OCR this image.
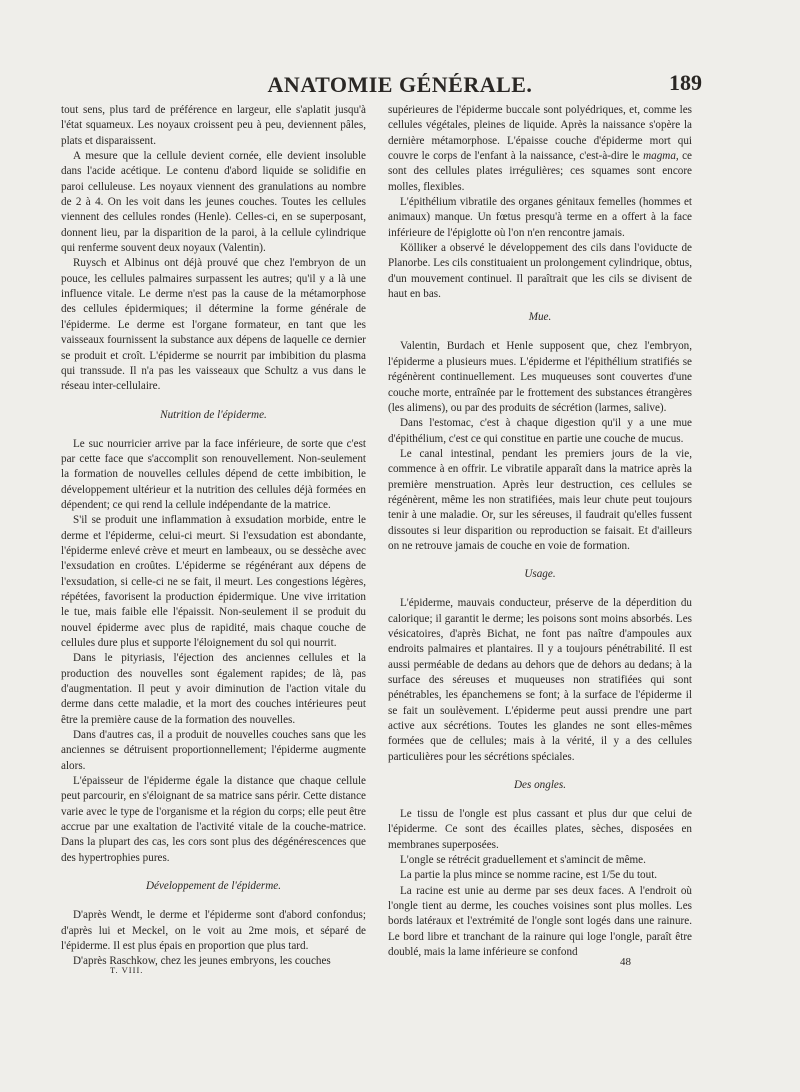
ANATOMIE GÉNÉRALE.	189

tout sens, plus tard de préférence en largeur, elle s'aplatit jusqu'à l'état squameux. Les noyaux croissent peu à peu, deviennent pâles, plats et disparaissent.

A mesure que la cellule devient cornée, elle devient insoluble dans l'acide acétique. Le contenu d'abord liquide se solidifie en paroi celluleuse. Les noyaux viennent des granulations au nombre de 2 à 4. On les voit dans les jeunes couches. Toutes les cellules viennent des cellules rondes (Henle). Celles-ci, en se superposant, donnent lieu, par la disparition de la paroi, à la cellule cylindrique qui renferme souvent deux noyaux (Valentin).

Ruysch et Albinus ont déjà prouvé que chez l'embryon de un pouce, les cellules palmaires surpassent les autres; qu'il y a là une influence vitale. Le derme n'est pas la cause de la métamorphose des cellules épidermiques; il détermine la forme générale de l'épiderme. Le derme est l'organe formateur, en tant que les vaisseaux fournissent la substance aux dépens de laquelle ce dernier se produit et croît. L'épiderme se nourrit par imbibition du plasma qui transsude. Il n'a pas les vaisseaux que Schultz a vus dans le réseau inter-cellulaire.

Nutrition de l'épiderme.

Le suc nourricier arrive par la face inférieure, de sorte que c'est par cette face que s'accomplit son renouvellement. Non-seulement la formation de nouvelles cellules dépend de cette imbibition, le développement ultérieur et la nutrition des cellules déjà formées en dépendent; ce qui rend la cellule indépendante de la matrice.

S'il se produit une inflammation à exsudation morbide, entre le derme et l'épiderme, celui-ci meurt. Si l'exsudation est abondante, l'épiderme enlevé crève et meurt en lambeaux, ou se dessèche avec l'exsudation en croûtes. L'épiderme se régénérant aux dépens de l'exsudation, si celle-ci ne se fait, il meurt. Les congestions légères, répétées, favorisent la production épidermique. Une vive irritation le tue, mais faible elle l'épaissit. Non-seulement il se produit du nouvel épiderme avec plus de rapidité, mais chaque couche de cellules dure plus et supporte l'éloignement du sol qui nourrit.

Dans le pityriasis, l'éjection des anciennes cellules et la production des nouvelles sont également rapides; de là, pas d'augmentation. Il peut y avoir diminution de l'action vitale du derme dans cette maladie, et la mort des couches intérieures peut être la première cause de la formation des nouvelles.

Dans d'autres cas, il a produit de nouvelles couches sans que les anciennes se détruisent proportionnellement; l'épiderme augmente alors.

L'épaisseur de l'épiderme égale la distance que chaque cellule peut parcourir, en s'éloignant de sa matrice sans périr. Cette distance varie avec le type de l'organisme et la région du corps; elle peut être accrue par une exaltation de l'activité vitale de la couche-matrice. Dans la plupart des cas, les cors sont plus des dégénérescences que des hypertrophies pures.

Développement de l'épiderme.

D'après Wendt, le derme et l'épiderme sont d'abord confondus; d'après lui et Meckel, on le voit au 2me mois, et séparé de l'épiderme. Il est plus épais en proportion que plus tard.

D'après Raschkow, chez les jeunes embryons, les couches

supérieures de l'épiderme buccale sont polyédriques, et, comme les cellules végétales, pleines de liquide. Après la naissance s'opère la dernière métamorphose. L'épaisse couche d'épiderme mort qui couvre le corps de l'enfant à la naissance, c'est-à-dire le magma, ce sont des cellules plates irrégulières; ces squames sont encore molles, flexibles.

L'épithélium vibratile des organes génitaux femelles (hommes et animaux) manque. Un fœtus presqu'à terme en a offert à la face inférieure de l'épiglotte où l'on n'en rencontre jamais.

Kölliker a observé le développement des cils dans l'oviducte de Planorbe. Les cils constituaient un prolongement cylindrique, obtus, d'un mouvement continuel. Il paraîtrait que les cils se divisent de haut en bas.

Mue.

Valentin, Burdach et Henle supposent que, chez l'embryon, l'épiderme a plusieurs mues. L'épiderme et l'épithélium stratifiés se régénèrent continuellement. Les muqueuses sont couvertes d'une couche morte, entraînée par le frottement des substances étrangères (les alimens), ou par des produits de sécrétion (larmes, salive).

Dans l'estomac, c'est à chaque digestion qu'il y a une mue d'épithélium, c'est ce qui constitue en partie une couche de mucus.

Le canal intestinal, pendant les premiers jours de la vie, commence à en offrir. Le vibratile apparaît dans la matrice après la première menstruation. Après leur destruction, ces cellules se régénèrent, même les non stratifiées, mais leur chute peut toujours tenir à une maladie. Or, sur les séreuses, il faudrait qu'elles fussent dissoutes si leur disparition ou reproduction se faisait. Et d'ailleurs on ne retrouve jamais de couche en voie de formation.

Usage.

L'épiderme, mauvais conducteur, préserve de la déperdition du calorique; il garantit le derme; les poisons sont moins absorbés. Les vésicatoires, d'après Bichat, ne font pas naître d'ampoules aux endroits palmaires et plantaires. Il y a toujours pénétrabilité. Il est aussi perméable de dedans au dehors que de dehors au dedans; à la surface des séreuses et muqueuses non stratifiées qui sont pénétrables, les épanchemens se font; à la surface de l'épiderme il se fait un soulèvement. L'épiderme peut aussi prendre une part active aux sécrétions. Toutes les glandes ne sont elles-mêmes formées que de cellules; mais à la vérité, il y a des cellules particulières pour les sécrétions spéciales.

Des ongles.

Le tissu de l'ongle est plus cassant et plus dur que celui de l'épiderme. Ce sont des écailles plates, sèches, disposées en membranes superposées.

L'ongle se rétrécit graduellement et s'amincit de même.

La partie la plus mince se nomme racine, est 1/5e du tout.

La racine est unie au derme par ses deux faces. A l'endroit où l'ongle tient au derme, les couches voisines sont plus molles. Les bords latéraux et l'extrémité de l'ongle sont logés dans une rainure. Le bord libre et tranchant de la rainure qui loge l'ongle, paraît être doublé, mais la lame inférieure se confond

T. VIII.
48
